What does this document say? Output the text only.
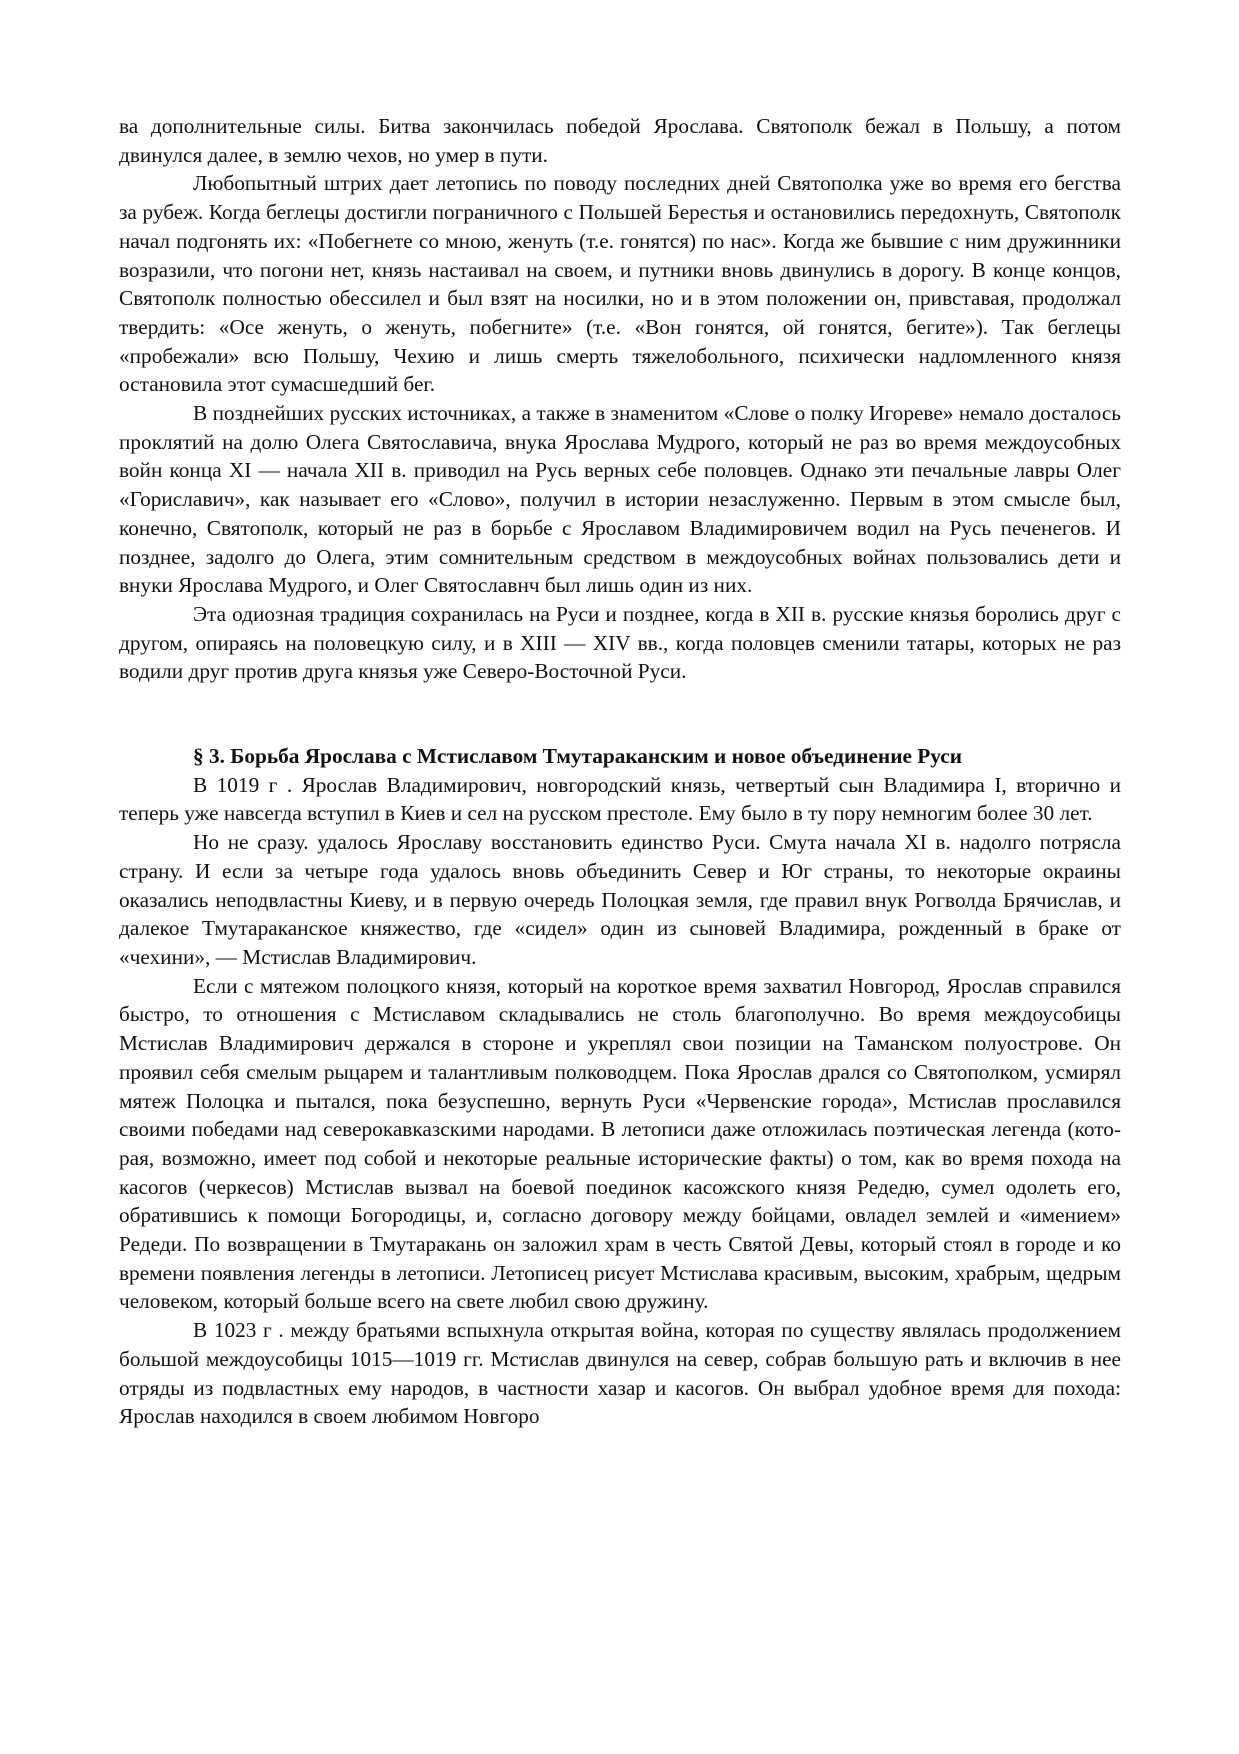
ва дополнительные силы. Битва закончилась победой Ярослава. Святополк бежал в Польшу, а потом двинулся далее, в землю чехов, но умер в пути.

Любопытный штрих дает летопись по поводу последних дней Святополка уже во время его бегства за рубеж. Когда беглецы достигли пограничного с Польшей Берестья и остановились передохнуть, Святополк начал подгонять их: «Побегнете со мною, женуть (т.е. гонятся) по нас». Когда же бывшие с ним дружинники возразили, что погони нет, князь настаивал на своем, и путники вновь двинулись в дорогу. В конце концов, Святополк полностью обессилел и был взят на носилки, но и в этом положении он, привставая, продолжал твердить: «Осе женуть, о женуть, побегните» (т.е. «Вон гонятся, ой гонятся, бегите»). Так беглецы «пробежали» всю Польшу, Чехию и лишь смерть тяжелобольного, психически надломленного князя остановила этот сумасшедший бег.

В позднейших русских источниках, а также в знаменитом «Слове о полку Игореве» немало досталось проклятий на долю Олега Святославича, внука Ярослава Мудрого, который не раз во время междоусобных войн конца XI — начала XII в. приводил на Русь верных себе половцев. Однако эти печальные лавры Олег «Гориславич», как называет его «Слово», получил в истории незаслуженно. Первым в этом смысле был, конечно, Святополк, который не раз в борьбе с Ярославом Владимировичем водил на Русь печенегов. И позднее, задолго до Олега, этим сомнительным средством в междоусобных войнах пользовались дети и внуки Ярослава Мудрого, и Олег Святославнч был лишь один из них.

Эта одиозная традиция сохранилась на Руси и позднее, когда в XII в. русские князья боролись друг с другом, опираясь на половецкую силу, и в XIII — XIV вв., когда половцев сменили татары, которых не раз водили друг против друга князья уже Северо-Восточной Руси.

§ 3. Борьба Ярослава с Мстиславом Тмутараканским и новое объединение Руси

В 1019 г . Ярослав Владимирович, новгородский князь, четвертый сын Владимира I, вторично и теперь уже навсегда вступил в Киев и сел на русском престоле. Ему было в ту пору немногим более 30 лет.

Но не сразу. удалось Ярославу восстановить единство Руси. Смута начала XI в. надолго потрясла страну. И если за четыре года удалось вновь объединить Север и Юг страны, то некоторые окраины оказались неподвластны Киеву, и в первую очередь Полоцкая земля, где правил внук Рогволда Брячислав, и далекое Тмутараканское княжество, где «сидел» один из сыновей Владимира, рожденный в браке от «чехини», — Мстислав Владимирович.

Если с мятежом полоцкого князя, который на короткое время захватил Новгород, Ярослав справился быстро, то отношения с Мстиславом складывались не столь благополучно. Во время междоусобицы Мстислав Владимирович держался в стороне и укреплял свои позиции на Таманском полуострове. Он проявил себя смелым рыцарем и талантливым полководцем. Пока Ярослав дрался со Святополком, усмирял мятеж Полоцка и пытался, пока безуспешно, вернуть Руси «Червенские города», Мстислав прославился своими победами над северокавказскими народами. В летописи даже отложилась поэтическая легенда (которая, возможно, имеет под собой и некоторые реальные исторические факты) о том, как во время похода на касогов (черкесов) Мстислав вызвал на боевой поединок касожского князя Редедю, сумел одолеть его, обратившись к помощи Богородицы, и, согласно договору между бойцами, овладел землей и «имением» Редеди. По возвращении в Тмутаракань он заложил храм в честь Святой Девы, который стоял в городе и ко времени появления легенды в летописи. Летописец рисует Мстислава красивым, высоким, храбрым, щедрым человеком, который больше всего на свете любил свою дружину.

В 1023 г . между братьями вспыхнула открытая война, которая по существу являлась продолжением большой междоусобицы 1015—1019 гг. Мстислав двинулся на север, собрав большую рать и включив в нее отряды из подвластных ему народов, в частности хазар и касогов. Он выбрал удобное время для похода: Ярослав находился в своем любимом Новгоро
